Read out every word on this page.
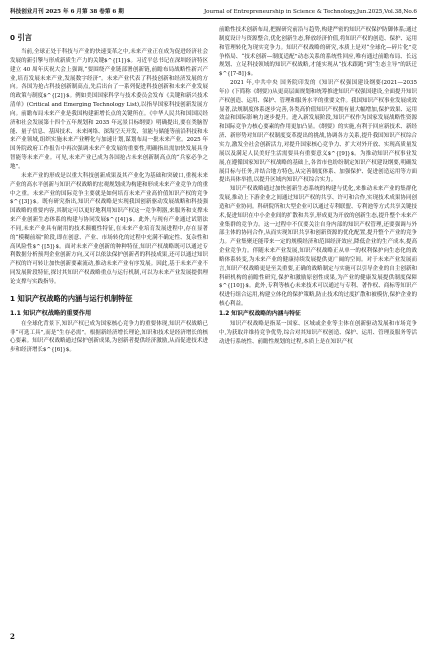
科技创业月刊 2025 年 6 月第 38 卷第 6 期	Journal of Entrepreneurship in Science & Technology,Jun.2025,Vol.38,No.6
0 引言

当前,全球正处于科技与产业的快速变革之中,未来产业正在成为促进经济社会发展的新引擎与形成新质生产力的关键$^{[1]}$。习近平总书记在深圳经济特区建立 40 周年庆祝大会上强调,“要围绕产业链部署创新链,前瞻布局战略性新兴产业,培育发展未来产业,发展数字经济”。未来产业代表了科技创新和经济发展的方向。各国为抢占科技创新制高点,先后出台了一系列促进科技创新和未来产业发展的政策与制度$^{[2]}$。例如美国国家科学与技术委员会发布《关键和新兴技术清单》(Critical and Emerging Technology List),以指导国家科技创新发展方向。前瞻布局未来产业是我国构建新增长点的关键所在。《中华人民共和国国民经济和社会发展第十四个五年规划和 2035 年远景目标纲要》明确提出,要在类脑智能、量子信息、基因技术、未来网络、深海空天开发、氢能与储能等前沿科技和未来产业领域,组织实施未来产业孵化与加速计划,谋划布局一批未来产业。2025 年国务院政府工作报告中再次强调未来产业发展的重要性,明确指出需加快发展具身智能等未来产业。可见,未来产业已成为各国抢占未来创新制高点的“兵家必争之地”。

未来产业的形成是以重大科技创新成果及其产业化为基础和突破口,重视未来产业的高水平创新与知识产权战略的宏观规划成为构建和形成未来产业竞争力的重中之重。未来产业的国际竞争主要就是如何培育未来产业高价值知识产权的竞争$^{[3]}$。既有研究指出,知识产权战略是实现我国创新驱动发展战略和科技强国战略的重要内容,其制定可以更好地利用知识产权这一竞争利器,来服务和支撑未来产业创新生态体系的构建与协同发展$^{[4]}$。此外,与现有产业通过试错法不同,未来产业具有耐用的技术颠覆性特征,在未来产业培育发展进程中,存在显著的“模糊前端”阶段,即在创意、产业、市场转化的过程中充满不确定性、复杂性和高风险性$^{[5]}$。面对未来产业创新的种种特征,知识产权战略既可以通过专利数据分析预判企业创新方向,又可以依法保护创新者的科技成果,还可以通过知识产权的许可转让加快创新要素流动,推动未来产业有序发展。因此,基于未来产业不同发展阶段特征,探讨其知识产权战略重点与运行机制,可以为未来产业发展提供理论支撑与实践指导。

1 知识产权战略的内涵与运行机制特征
1.1 知识产权战略的重要作用

在全球化背景下,知识产权已成为国家核心竞争力的重要体现,知识产权战略已非“可选工具”,而是“生存必需”。根据新经济增长理论,知识和技术是经济增长的核心要素。知识产权战略通过保护创新成果,为创新者提供经济激励,从而促进技术进步和经济增长$^{[6]}$。

前瞻性技术创新布局,把握研究前沿与趋势,构建严密的知识产权保护防御体系;通过制度设计与资源整合,优化创新生态,释放经济价值,将知识产权的创造、保护、运用和管理转化为现实竞争力。知识产权战略的研究,本质上是对“全球化—碎片化”竞争格局、“技术创新—制度适配”动态关系的系统性回应,唯有通过前瞻布局、长远规划、立足科技领域的知识产权战略,才能实现从“技术跟跑”到“生态主导”的跃迁$^{[7-8]}$。

2021 年,中共中央 国务院印发的《知识产权强国建设纲要(2021—2035 年)》(下简称《纲要》)从更高层面规划和统筹推进知识产权强国建设,全面提升知识产权创造、运用、保护、管理和服务水平的重要文件。我国知识产权事业发展成效显著,法规制度体系逐步完善,各类高价值知识产权拥有量大幅增加,保护效果、运用效益和国际影响力逐步提升。进入新发展阶段,知识产权作为国家发展战略性资源和国际竞争力核心要素的作用更加凸显。《纲要》的实施,有利于回应新技术、新经济、新形势对知识产权制度变革提出的挑战,协调各方关系,提升我国知识产权综合实力,激发全社会创新活力,对提升国家核心竞争力、扩大对外开放、实现高质量发展以及满足人民美好生活需要具有重要意义$^{[9]}$。为推动知识产权事业发展,在遵循国家知识产权战略的基础上,各省市也纷纷制定知识产权建设纲要,明确发展目标与任务,并结合地方特色,从完善制度体系、加强保护、促进创造运用等方面提出具体举措,以提升区域内知识产权综合实力。

知识产权战略通过加快创新生态系统的构建与优化,来推动未来产业的集群化发展,推动上下游企业之间通过知识产权的共享、许可和合作,实现技术成果协同创造和产业协同。科研院所和大型企业可以通过专利联盟、专利池等方式共享关键技术,促进知识在中小企业间的扩散和共享,形成更为开放的创新生态,提升整个未来产业集群的竞争力。这一过程中不仅要关注自身内部的知识产权管理,还要强调与外部主体的协同合作,从而实现知识共享和创新资源的优化配置,提升整个产业的竞争力。产业集聚还能带来一定的规模经济和范围经济效应,降低企业的生产成本,提高企业竞争力。伴随未来产业发展,知识产权战略正从单一的权利保护向生态化的战略体系转变,为未来产业的健康持续发展提供更广阔的空间。对于未来产业发展而言,知识产权战略更是至关重要,正确的战略制定与实施可以引导企业的自主创新和科研机构的前瞻性研究,保护和激励原创性成果,为产业的健康发展提供制度保障$^{[10]}$。此外,专利等核心未来技术可以通过与专利、著作权、商标等知识产权进行组合运用,构建立体化的保护策略,防止技术的过度扩散和被模仿,保护企业的核心利益。

1.2 知识产权战略的内涵与特征

知识产权战略是指某一国家、区域或企业等主体在创新驱动发展和市场竞争中,为获取并维持竞争优势,综合对其知识产权创造、保护、运用、管理及服务等活动进行系统性、前瞻性规划的过程,本质上是在知识产权

2
